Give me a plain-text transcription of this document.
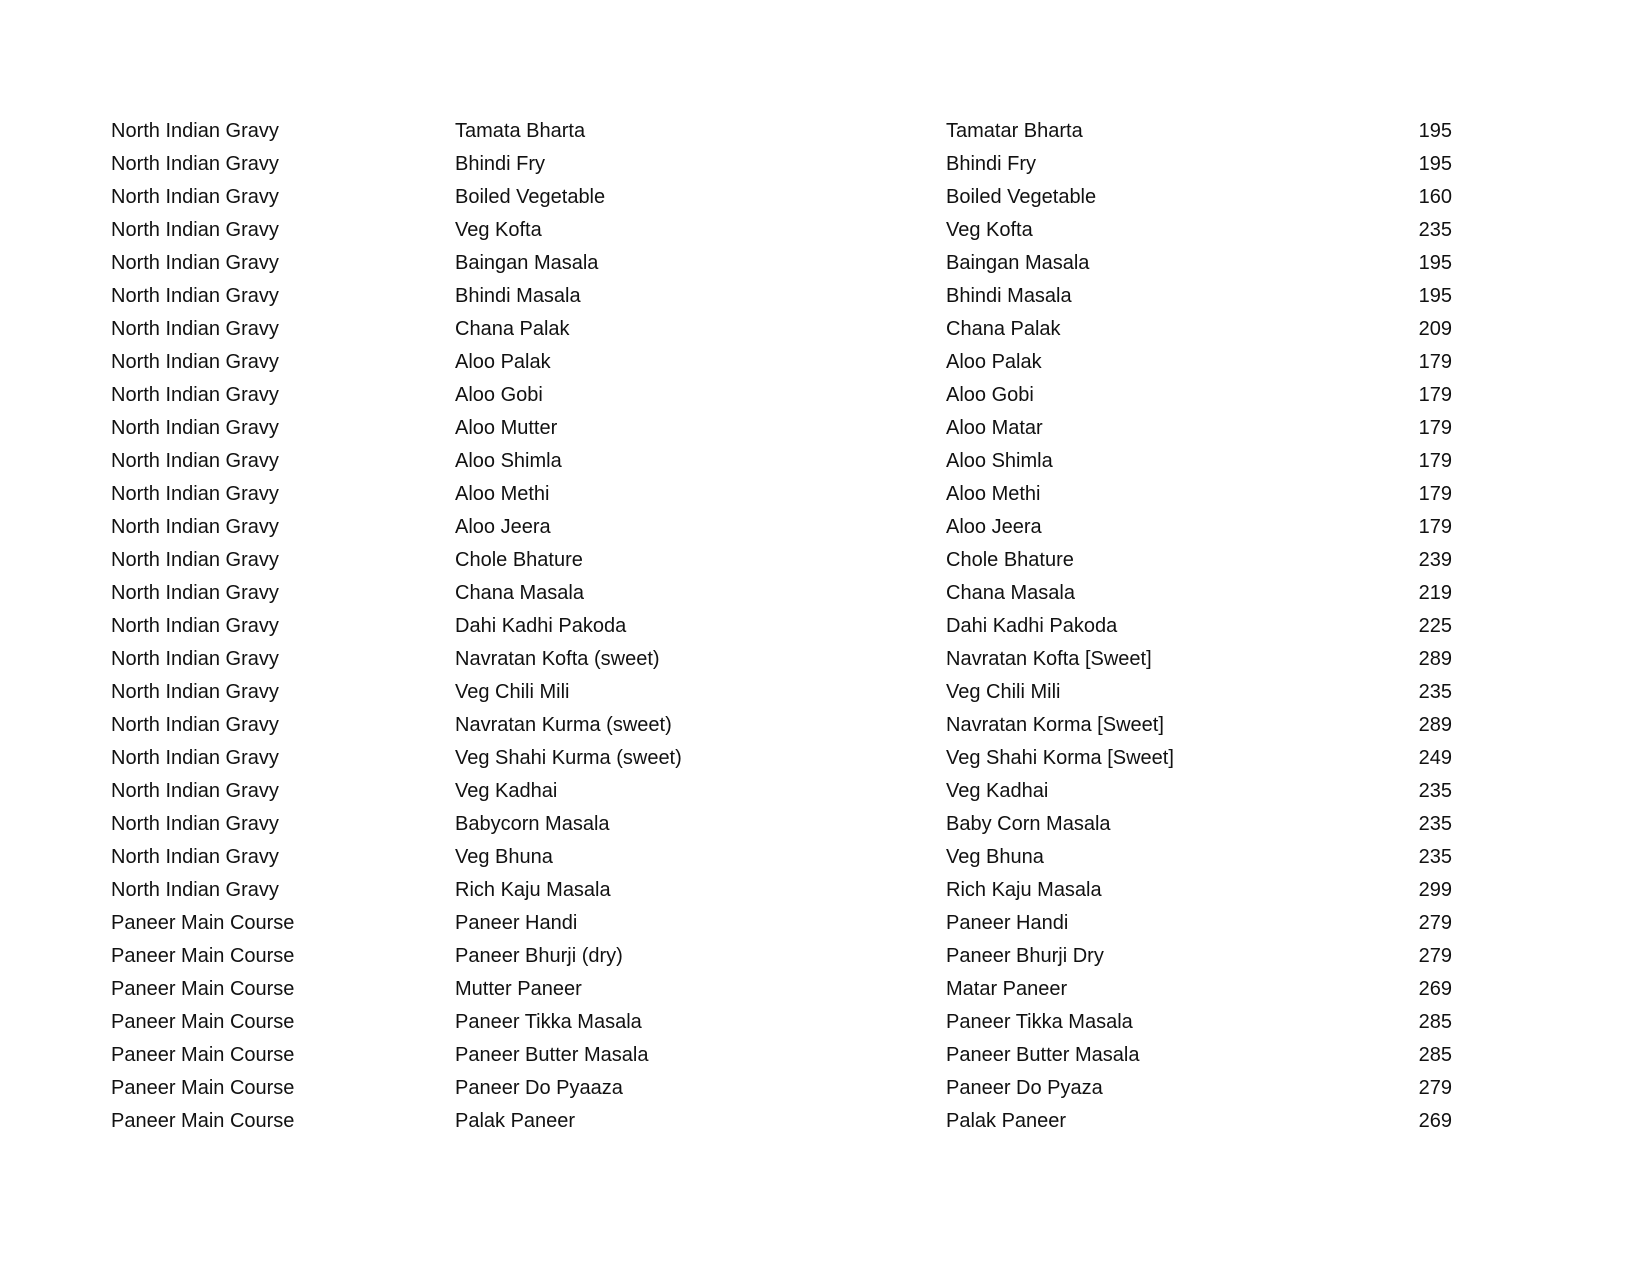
North Indian Gravy	Tamata Bharta	Tamatar Bharta	195
North Indian Gravy	Bhindi Fry	Bhindi Fry	195
North Indian Gravy	Boiled Vegetable	Boiled Vegetable	160
North Indian Gravy	Veg Kofta	Veg Kofta	235
North Indian Gravy	Baingan Masala	Baingan Masala	195
North Indian Gravy	Bhindi Masala	Bhindi Masala	195
North Indian Gravy	Chana Palak	Chana Palak	209
North Indian Gravy	Aloo Palak	Aloo Palak	179
North Indian Gravy	Aloo Gobi	Aloo Gobi	179
North Indian Gravy	Aloo Mutter	Aloo Matar	179
North Indian Gravy	Aloo Shimla	Aloo Shimla	179
North Indian Gravy	Aloo Methi	Aloo Methi	179
North Indian Gravy	Aloo Jeera	Aloo Jeera	179
North Indian Gravy	Chole Bhature	Chole Bhature	239
North Indian Gravy	Chana Masala	Chana Masala	219
North Indian Gravy	Dahi Kadhi Pakoda	Dahi Kadhi Pakoda	225
North Indian Gravy	Navratan Kofta (sweet)	Navratan Kofta [Sweet]	289
North Indian Gravy	Veg Chili Mili	Veg Chili Mili	235
North Indian Gravy	Navratan Kurma (sweet)	Navratan Korma [Sweet]	289
North Indian Gravy	Veg Shahi Kurma (sweet)	Veg Shahi Korma [Sweet]	249
North Indian Gravy	Veg Kadhai	Veg Kadhai	235
North Indian Gravy	Babycorn Masala	Baby Corn Masala	235
North Indian Gravy	Veg Bhuna	Veg Bhuna	235
North Indian Gravy	Rich Kaju Masala	Rich Kaju Masala	299
Paneer Main Course	Paneer Handi	Paneer Handi	279
Paneer Main Course	Paneer Bhurji (dry)	Paneer Bhurji Dry	279
Paneer Main Course	Mutter Paneer	Matar Paneer	269
Paneer Main Course	Paneer Tikka Masala	Paneer Tikka Masala	285
Paneer Main Course	Paneer Butter Masala	Paneer Butter Masala	285
Paneer Main Course	Paneer Do Pyaaza	Paneer Do Pyaza	279
Paneer Main Course	Palak Paneer	Palak Paneer	269
